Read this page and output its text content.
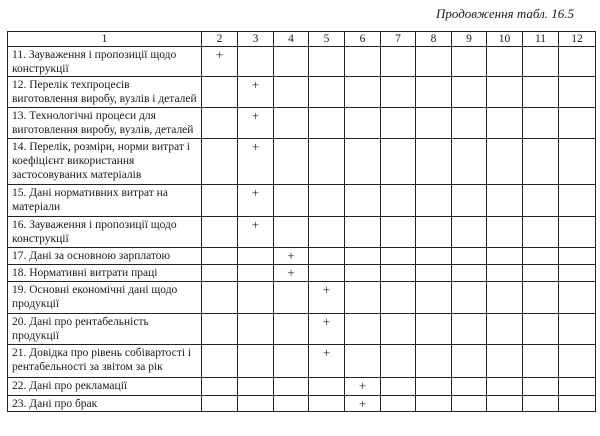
Продовження табл. 16.5
1	2	3	4	5	6	7	8	9	10	11	12
11. Зауваження і пропозиції щодо конструкції	+										
12. Перелік техпроцесів виготовлення виробу, вузлів і деталей		+									
13. Технологічні процеси для виготовлення виробу, вузлів, деталей		+									
14. Перелік, розміри, норми витрат і коефіцієнт використання застосовуваних матеріалів		+									
15. Дані нормативних витрат на матеріали		+									
16. Зауваження і пропозиції щодо конструкції		+									
17. Дані за основною зарплатою			+								
18. Нормативні витрати праці			+								
19. Основні економічні дані щодо продукції				+							
20. Дані про рентабельність продукції				+							
21. Довідка про рівень собівартості і рентабельності за звітом за рік				+							
22. Дані про рекламації					+						
23. Дані про брак					+						
